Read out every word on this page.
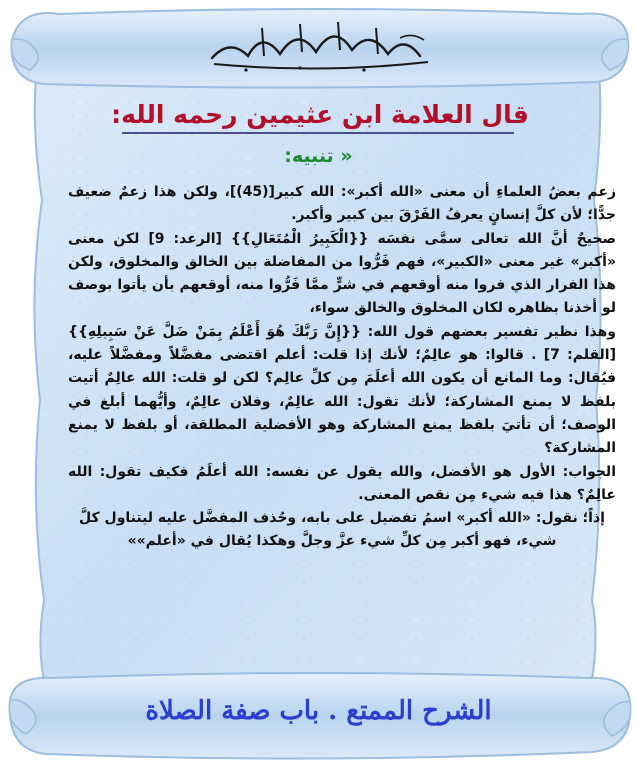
قال العلامة ابن عثيمين رحمه الله:
« تنبيه:

زعم بعضُ العلماءِ أن معنى «الله أكبر»: الله كبير[(45)]، ولكن هذا زعمٌ ضعيف جدًّا؛ لأن كلَّ إنسانٍ يعرفُ الفَرْقَ بين كبير وأكبر.

صحيحٌ أنَّ الله تعالى سمَّى نفسَه {{الْكَبِيرُ الْمُتَعَالِ}} [الرعد: 9] لكن معنى «أكبر» غير معنى «الكبير»، فهم فَرُّوا من المفاضلة بين الخالق والمخلوق، ولكن هذا الفرار الذي فروا منه أوقعهم في شرٍّ ممَّا فَرُّوا منه، أوقعهم بأن يأتوا بوصف لو أخذنا بظاهره لكان المخلوق والخالق سواء،

وهذا نظير تفسير بعضهم قول الله: {{إِنَّ رَبَّكَ هُوَ أَعْلَمُ بِمَنْ ضَلَّ عَنْ سَبِيلِهِ}} [القلم: 7] . قالوا: هو عالِمٌ؛ لأنك إذا قلت: أعلم اقتضى مفضَّلاً ومفضَّلاً عليه، فيُقال: وما المانع أن يكون الله أعلَمَ مِن كلِّ عالِم؟ لكن لو قلت: الله عالِمٌ أتيت بلفظ لا يمنع المشاركة؛ لأنك تقول: الله عالِمٌ، وفلان عالِمٌ، وأيُّهما أبلغ في الوصف؛ أن تأتيَ بلفظ يمنع المشاركة وهو الأفضلية المطلقة، أو بلفظ لا يمنع المشاركة؟

الجواب: الأول هو الأفضل، والله يقول عن نفسه: الله أعلَمُ فكيف تقول: الله عالِمٌ؟ هذا فيه شيء مِن نقص المعنى.

إذاً؛ نقول: «الله أكبر» اسمُ تفضيل على بابه، وحُذف المفضَّل عليه ليتناول كلَّ شيء، فهو أكبر مِن كلِّ شيء عزَّ وجلَّ وهكذا يُقال في «أعلم»»

الشرح الممتع . باب صفة الصلاة
